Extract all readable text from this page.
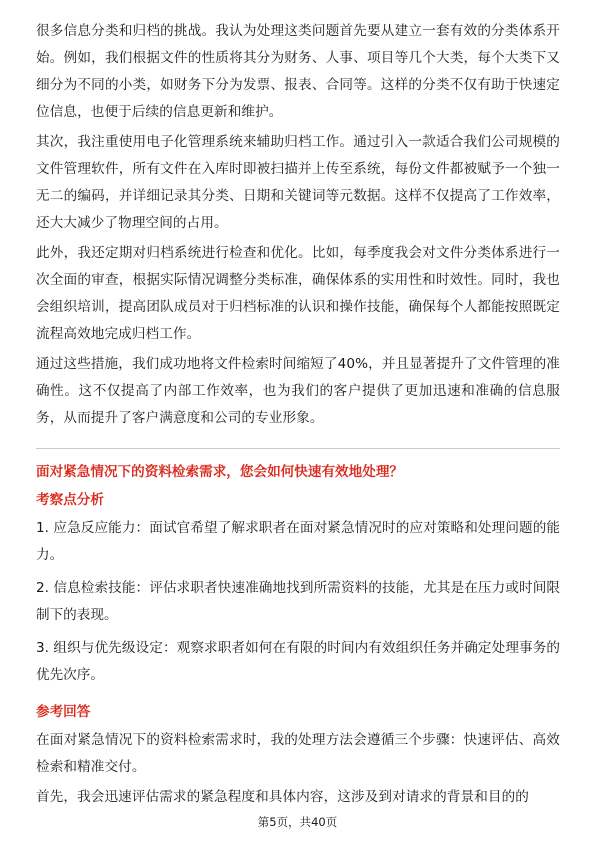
很多信息分类和归档的挑战。我认为处理这类问题首先要从建立一套有效的分类体系开始。例如，我们根据文件的性质将其分为财务、人事、项目等几个大类，每个大类下又细分为不同的小类，如财务下分为发票、报表、合同等。这样的分类不仅有助于快速定位信息，也便于后续的信息更新和维护。

其次，我注重使用电子化管理系统来辅助归档工作。通过引入一款适合我们公司规模的文件管理软件，所有文件在入库时即被扫描并上传至系统，每份文件都被赋予一个独一无二的编码，并详细记录其分类、日期和关键词等元数据。这样不仅提高了工作效率，还大大减少了物理空间的占用。

此外，我还定期对归档系统进行检查和优化。比如，每季度我会对文件分类体系进行一次全面的审查，根据实际情况调整分类标准，确保体系的实用性和时效性。同时，我也会组织培训，提高团队成员对于归档标准的认识和操作技能，确保每个人都能按照既定流程高效地完成归档工作。

通过这些措施，我们成功地将文件检索时间缩短了40%，并且显著提升了文件管理的准确性。这不仅提高了内部工作效率，也为我们的客户提供了更加迅速和准确的信息服务，从而提升了客户满意度和公司的专业形象。

面对紧急情况下的资料检索需求，您会如何快速有效地处理？

考察点分析

1. 应急反应能力：面试官希望了解求职者在面对紧急情况时的应对策略和处理问题的能力。

2. 信息检索技能：评估求职者快速准确地找到所需资料的技能，尤其是在压力或时间限制下的表现。

3. 组织与优先级设定：观察求职者如何在有限的时间内有效组织任务并确定处理事务的优先次序。

参考回答

在面对紧急情况下的资料检索需求时，我的处理方法会遵循三个步骤：快速评估、高效检索和精准交付。

首先，我会迅速评估需求的紧急程度和具体内容，这涉及到对请求的背景和目的的

第5页，共40页
